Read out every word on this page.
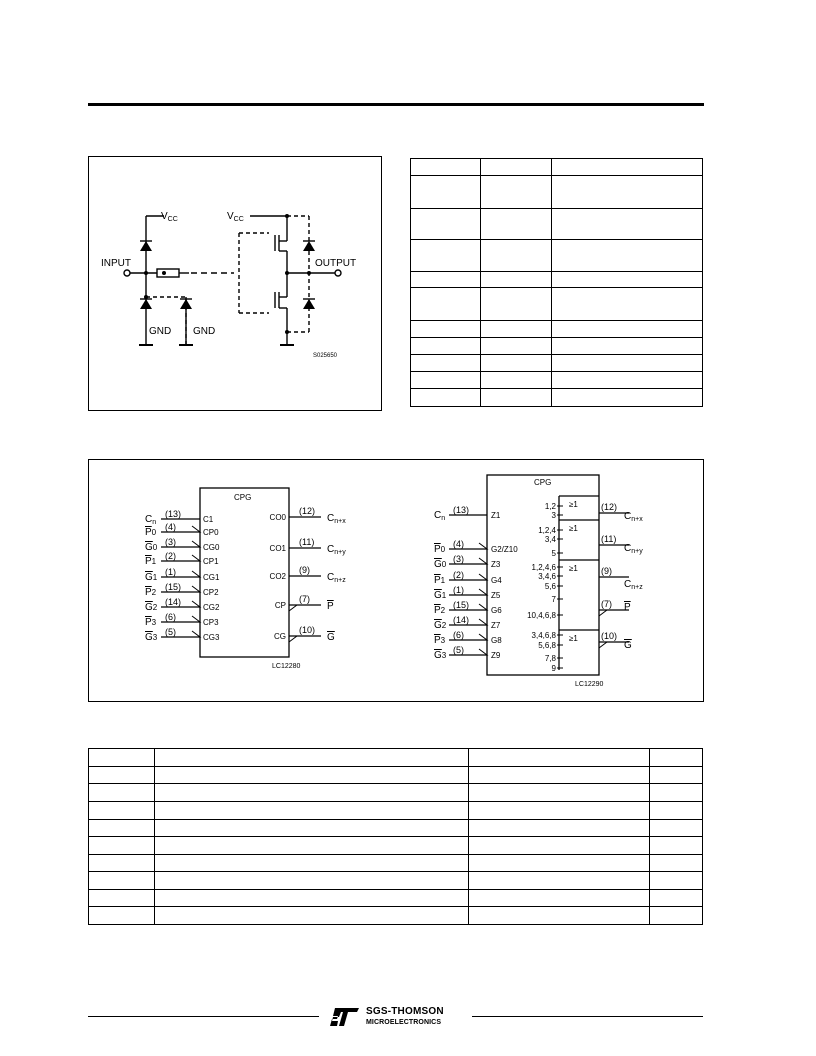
$V_{CC}$	$V_{CC}$
INPUT	OUTPUT
GND GND
S025650

$C_n$
(13)
C1
P0
(4)
CP0
G0
(3)
CG0
P1
(2)
CP1
G1
(1)
CG1
P2
(15)
CP2
G2
(14)
CG2
P3
(6)
CP3
G3
(5)
CG3
CO0
(12)
$C_{n+x}$
CO1
(11)
$C_{n+y}$
CO2
(9)
$C_{n+z}$
CP
(7)
P
CG
(10)
G
$C_n$
(13)
Z1
P0
(4)
G2/Z10
G0
(3)
Z3
P1
(2)
G4
G1
(1)
Z5
P2
(15)
G6
G2
(14)
Z7
P3
(6)
G8
G3
(5)
Z9
1,2
3
1,2,4
3,4
5
1,2,4,6
3,4,6
5,6
7
10,4,6,8
3,4,6,8
5,6,8
7,8
9
≥1
≥1
≥1
≥1
(12)
$C_{n+x}$
(11)
$C_{n+y}$
(9)
$C_{n+z}$
(7) P
(10)
G
CPG
LC12280
CPG
LC12290

SGS-THOMSON
MICROELECTRONICS
